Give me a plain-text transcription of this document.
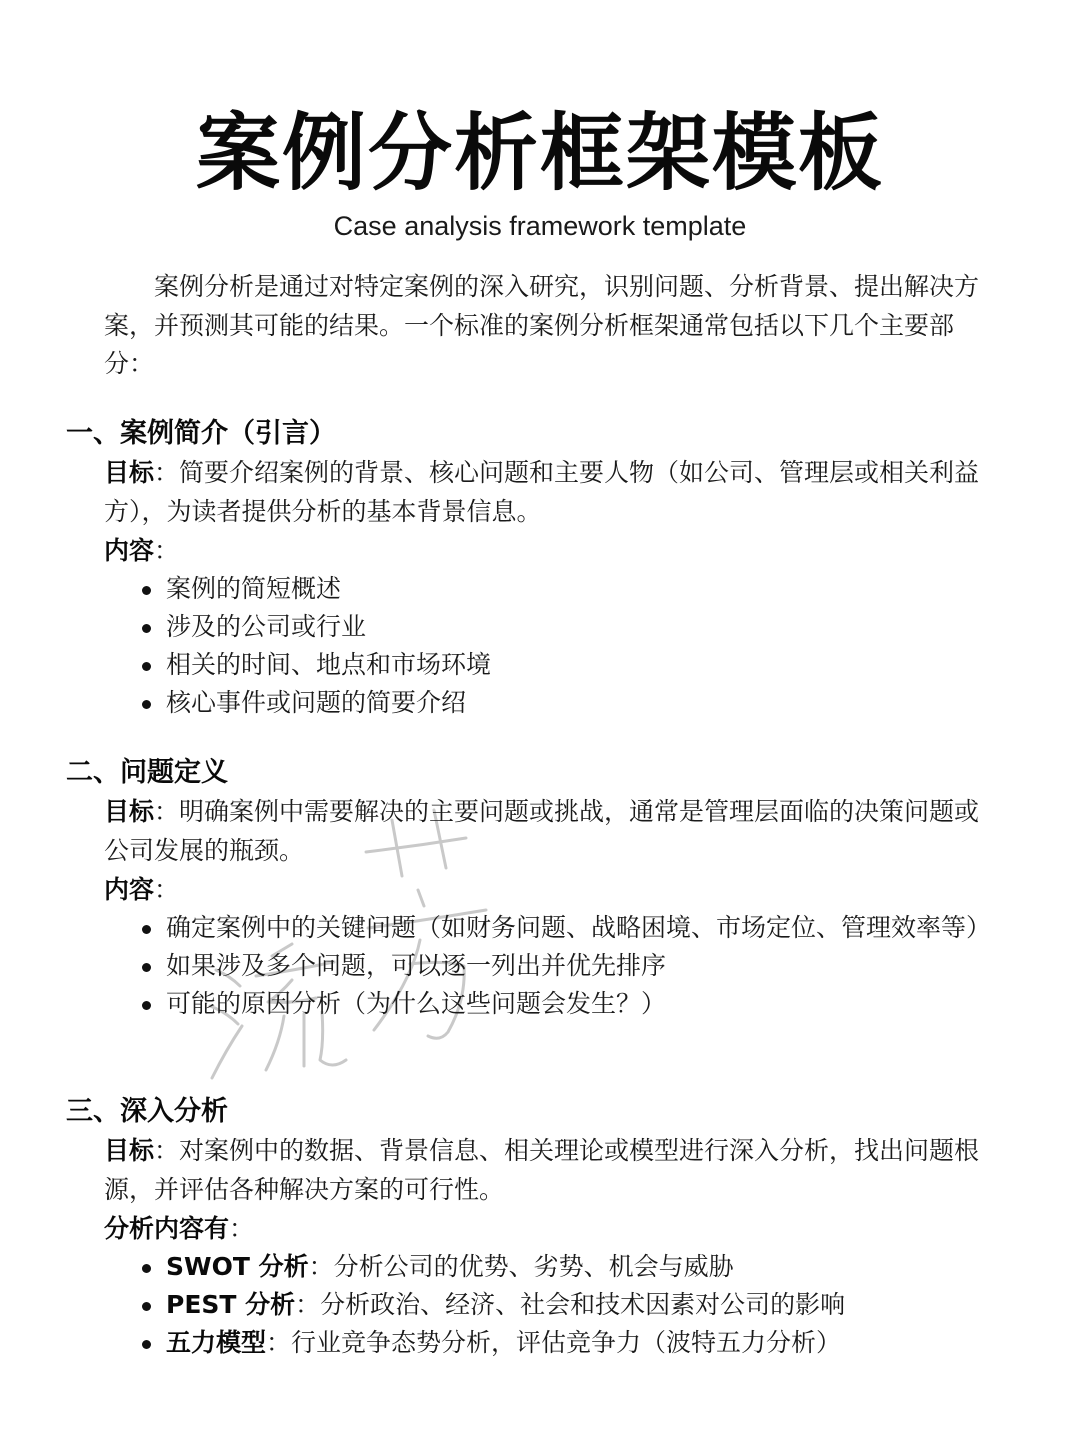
案例分析框架模板
Case analysis framework template
案例分析是通过对特定案例的深入研究，识别问题、分析背景、提出解决方案，并预测其可能的结果。一个标准的案例分析框架通常包括以下几个主要部分：
一、案例简介（引言）
目标：简要介绍案例的背景、核心问题和主要人物（如公司、管理层或相关利益方），为读者提供分析的基本背景信息。
内容：
案例的简短概述
涉及的公司或行业
相关的时间、地点和市场环境
核心事件或问题的简要介绍
二、问题定义
目标：明确案例中需要解决的主要问题或挑战，通常是管理层面临的决策问题或公司发展的瓶颈。
内容：
确定案例中的关键问题（如财务问题、战略困境、市场定位、管理效率等）
如果涉及多个问题，可以逐一列出并优先排序
可能的原因分析（为什么这些问题会发生？）
三、深入分析
目标：对案例中的数据、背景信息、相关理论或模型进行深入分析，找出问题根源，并评估各种解决方案的可行性。
分析内容有：
SWOT 分析：分析公司的优势、劣势、机会与威胁
PEST 分析：分析政治、经济、社会和技术因素对公司的影响
五力模型：行业竞争态势分析，评估竞争力（波特五力分析）
